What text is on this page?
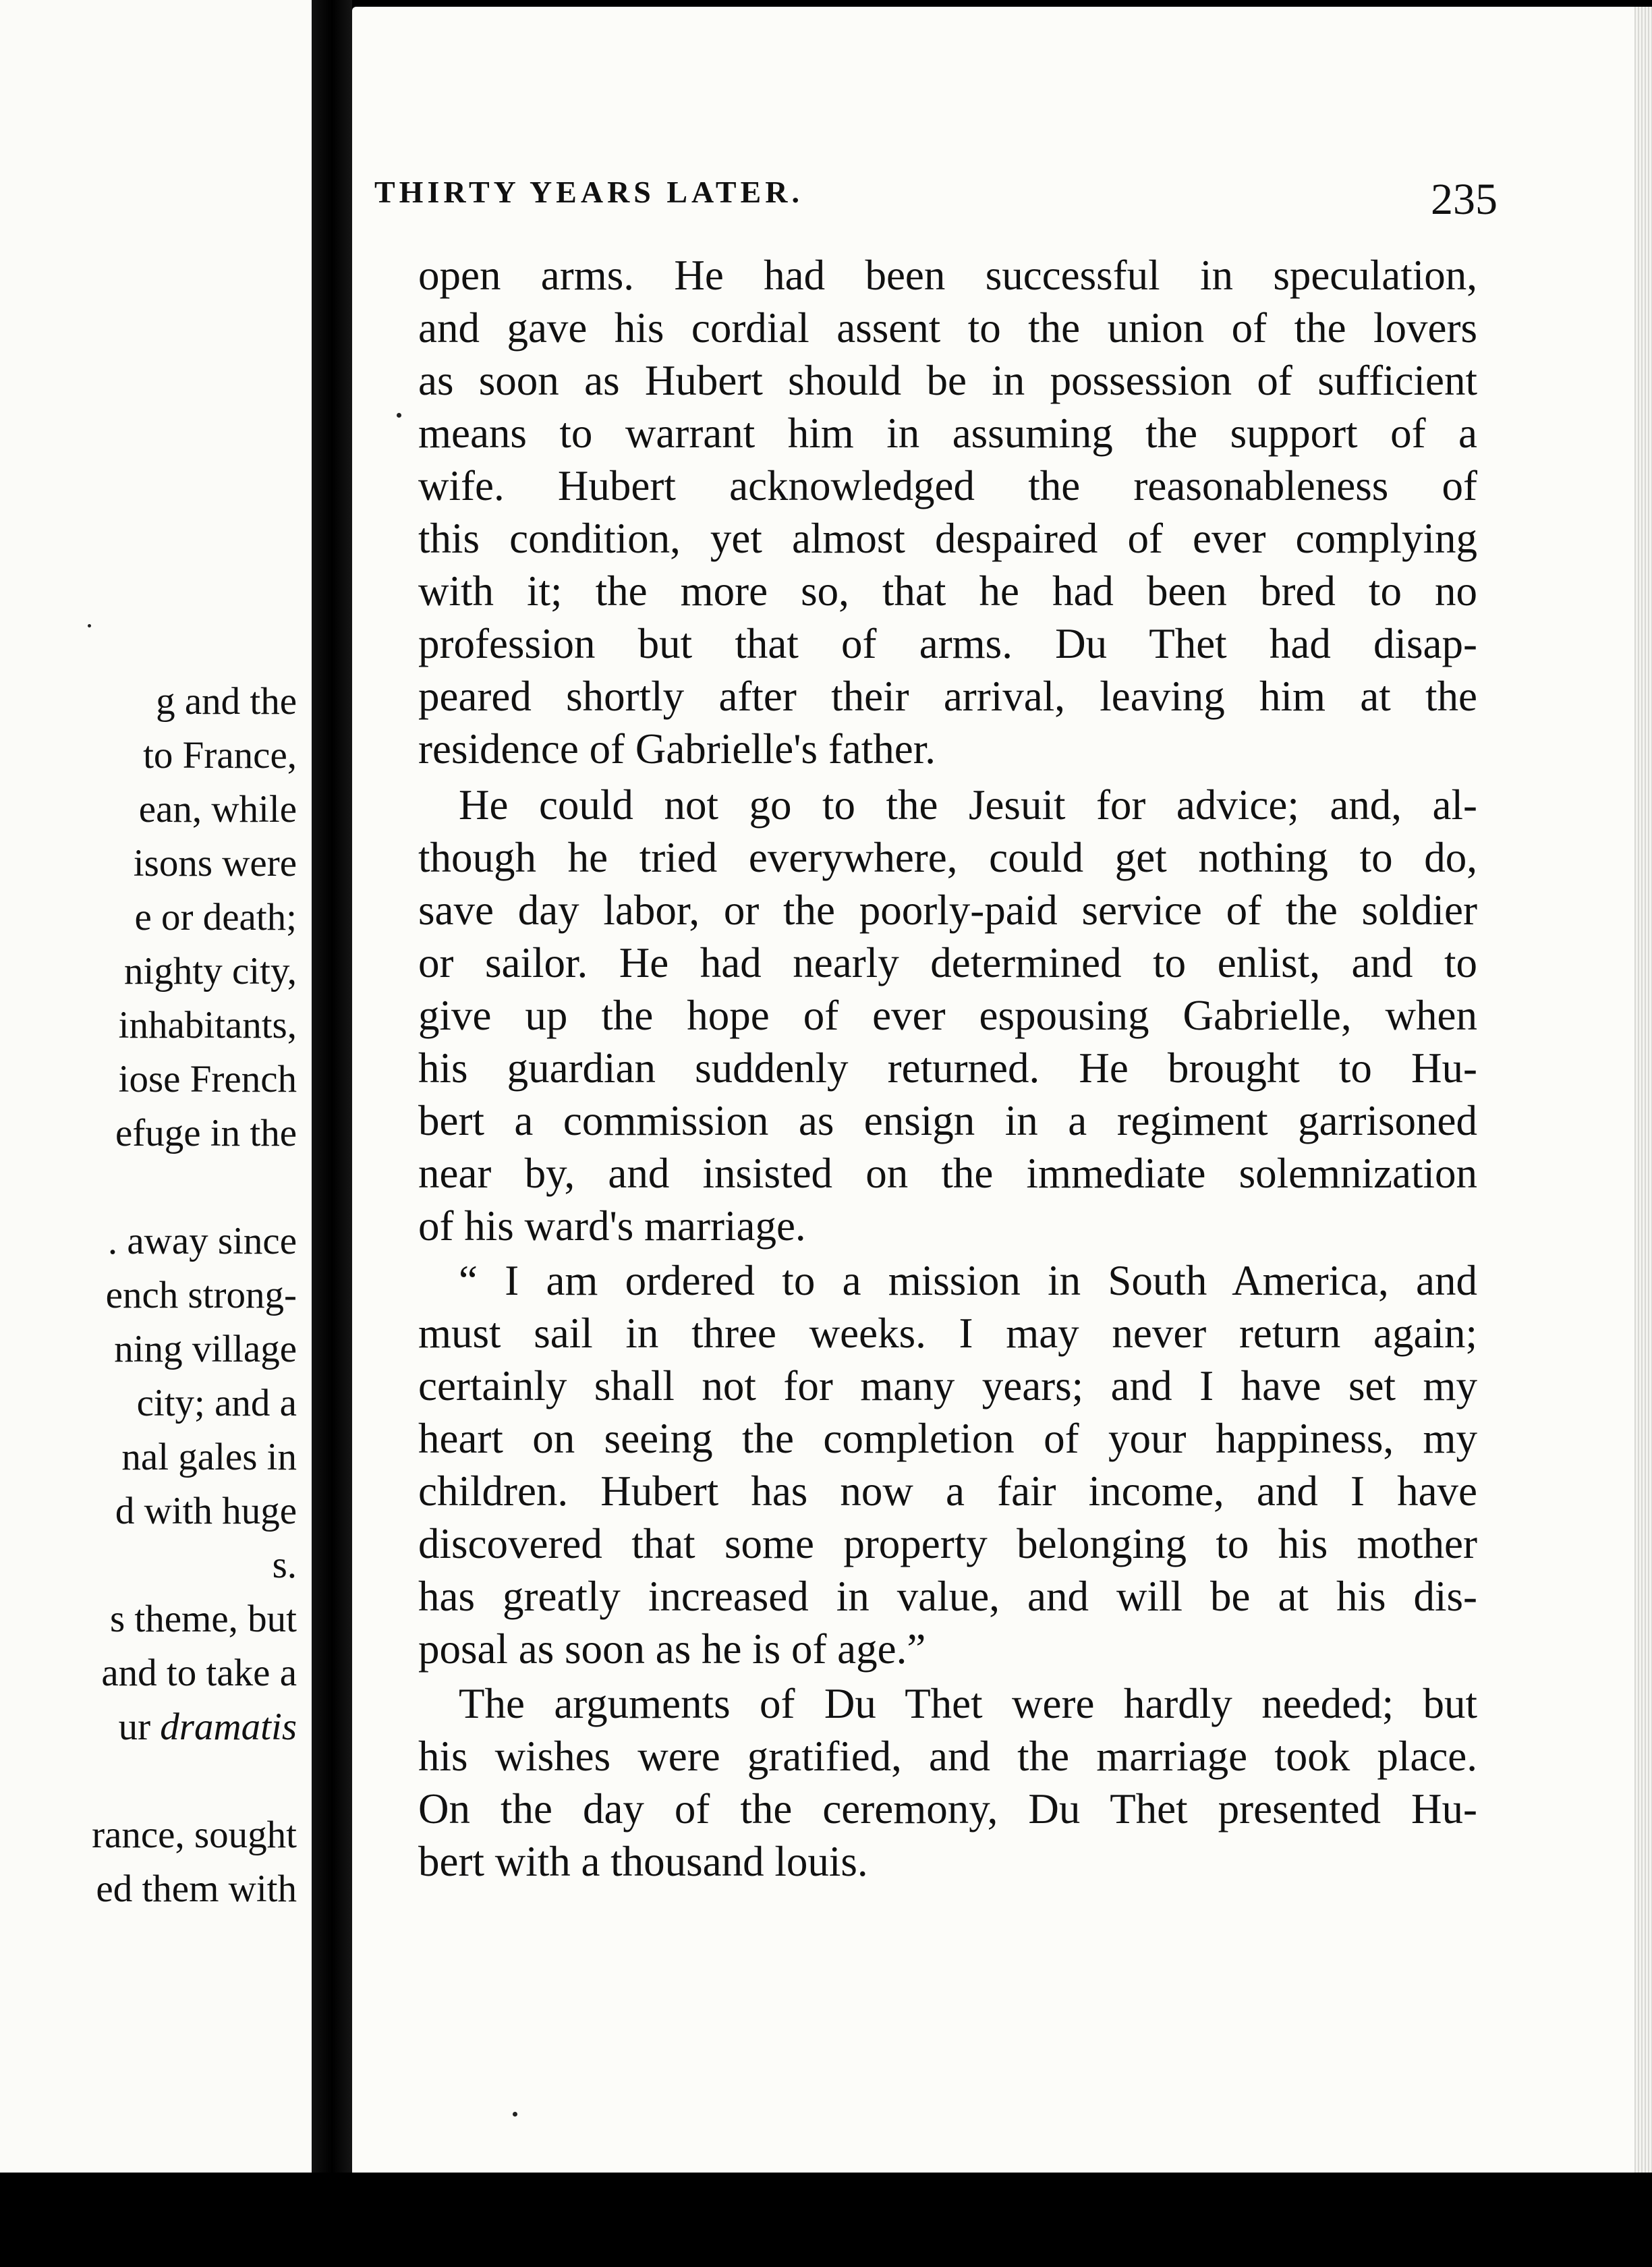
g and the
to France,
ean, while
isons were
e or death;
nighty city,
inhabitants,
iose French
efuge in the
. away since
ench strong-
ning village
city; and a
nal gales in
d with huge
s.
s theme, but
and to take a
ur dramatis
rance, sought
ed them with
THIRTY YEARS LATER.	235
open arms. He had been successful in speculation,
and gave his cordial assent to the union of the lovers
as soon as Hubert should be in possession of sufficient
means to warrant him in assuming the support of a
wife. Hubert acknowledged the reasonableness of
this condition, yet almost despaired of ever complying
with it; the more so, that he had been bred to no
profession but that of arms. Du Thet had disap-
peared shortly after their arrival, leaving him at the
residence of Gabrielle's father.
He could not go to the Jesuit for advice; and, al-
though he tried everywhere, could get nothing to do,
save day labor, or the poorly-paid service of the soldier
or sailor. He had nearly determined to enlist, and to
give up the hope of ever espousing Gabrielle, when
his guardian suddenly returned. He brought to Hu-
bert a commission as ensign in a regiment garrisoned
near by, and insisted on the immediate solemnization
of his ward's marriage.
“ I am ordered to a mission in South America, and
must sail in three weeks. I may never return again;
certainly shall not for many years; and I have set my
heart on seeing the completion of your happiness, my
children. Hubert has now a fair income, and I have
discovered that some property belonging to his mother
has greatly increased in value, and will be at his dis-
posal as soon as he is of age.”
The arguments of Du Thet were hardly needed; but
his wishes were gratified, and the marriage took place.
On the day of the ceremony, Du Thet presented Hu-
bert with a thousand louis.
